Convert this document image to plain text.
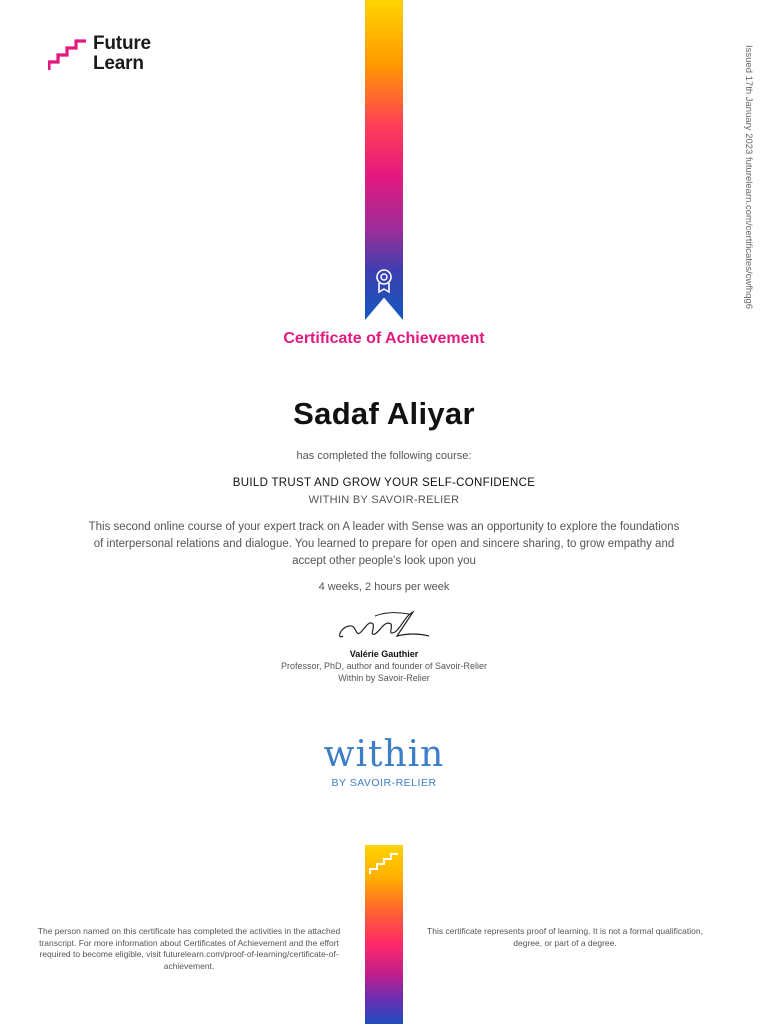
Future
Learn	Issued 17th January 2023 futurelearn.com/certificates/cwfhqg6
Certificate of Achievement
Sadaf Aliyar
has completed the following course:
BUILD TRUST AND GROW YOUR SELF-CONFIDENCE
WITHIN BY SAVOIR-RELIER
This second online course of your expert track on A leader with Sense was an opportunity to explore the foundations of interpersonal relations and dialogue. You learned to prepare for open and sincere sharing, to grow empathy and accept other people's look upon you
4 weeks, 2 hours per week
Valérie Gauthier
Professor, PhD, author and founder of Savoir-Relier
Within by Savoir-Relier
within
BY SAVOIR-RELIER
The person named on this certificate has completed the activities in the attached transcript. For more information about Certificates of Achievement and the effort required to become eligible, visit futurelearn.com/proof-of-learning/certificate-of-achievement.
This certificate represents proof of learning. It is not a formal qualification, degree, or part of a degree.
